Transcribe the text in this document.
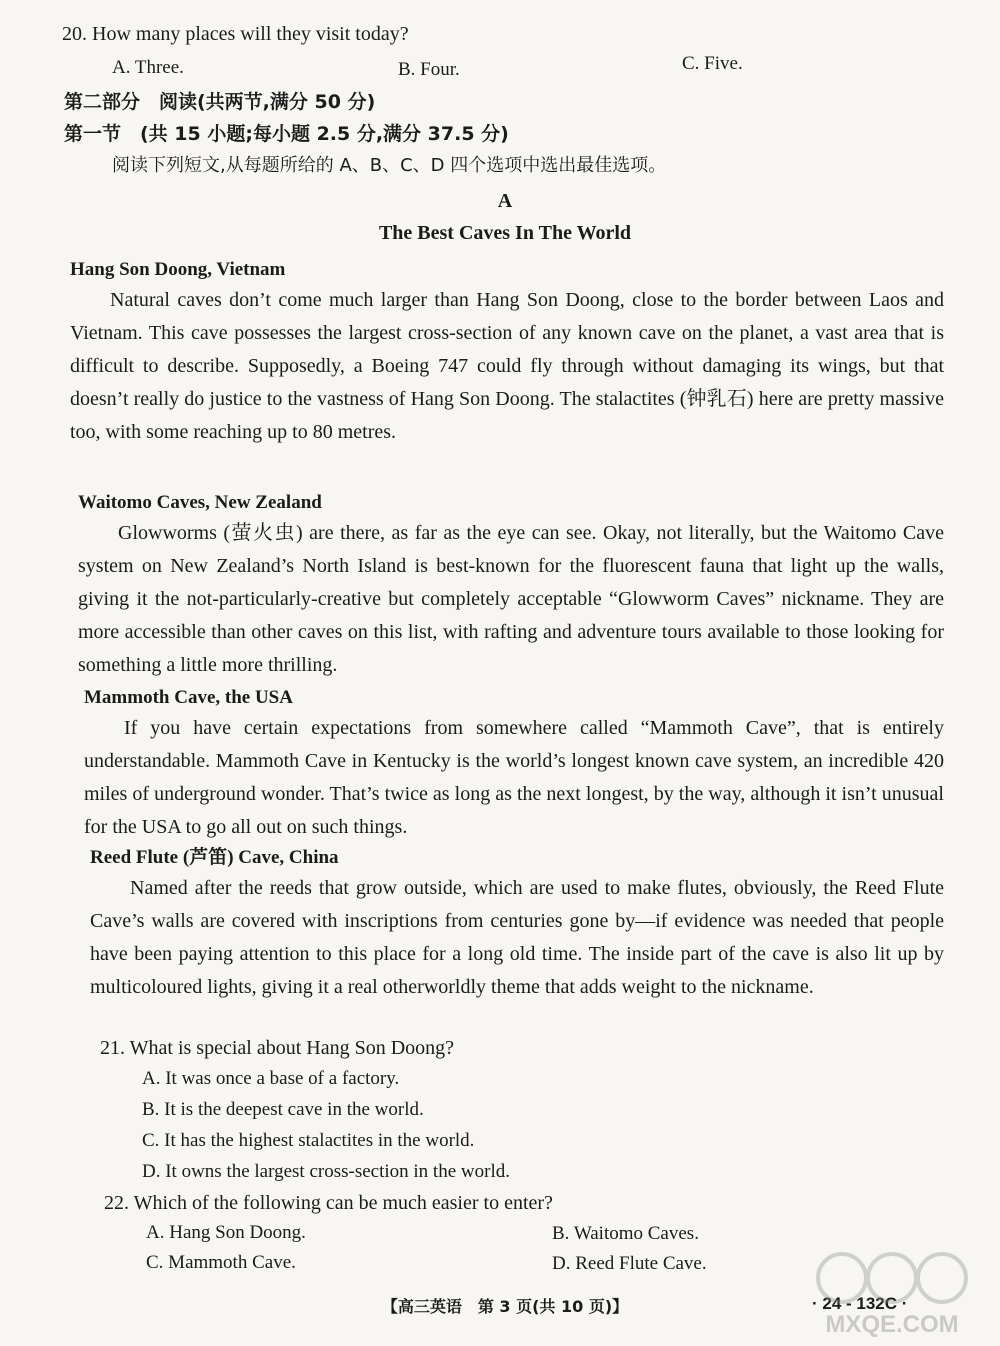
20. How many places will they visit today?
A. Three.	B. Four.	C. Five.
第二部分　阅读(共两节,满分 50 分)
第一节　(共 15 小题;每小题 2.5 分,满分 37.5 分)
阅读下列短文,从每题所给的 A、B、C、D 四个选项中选出最佳选项。
A
The Best Caves In The World
Hang Son Doong, Vietnam

Natural caves don’t come much larger than Hang Son Doong, close to the border between Laos and Vietnam. This cave possesses the largest cross-section of any known cave on the planet, a vast area that is difficult to describe. Supposedly, a Boeing 747 could fly through without damaging its wings, but that doesn’t really do justice to the vastness of Hang Son Doong. The stalactites (钟乳石) here are pretty massive too, with some reaching up to 80 metres.

Waitomo Caves, New Zealand

Glowworms (萤火虫) are there, as far as the eye can see. Okay, not literally, but the Waitomo Cave system on New Zealand’s North Island is best-known for the fluorescent fauna that light up the walls, giving it the not-particularly-creative but completely acceptable “Glowworm Caves” nickname. They are more accessible than other caves on this list, with rafting and adventure tours available to those looking for something a little more thrilling.

Mammoth Cave, the USA

If you have certain expectations from somewhere called “Mammoth Cave”, that is entirely understandable. Mammoth Cave in Kentucky is the world’s longest known cave system, an incredible 420 miles of underground wonder. That’s twice as long as the next longest, by the way, although it isn’t unusual for the USA to go all out on such things.

Reed Flute (芦笛) Cave, China

Named after the reeds that grow outside, which are used to make flutes, obviously, the Reed Flute Cave’s walls are covered with inscriptions from centuries gone by—if evidence was needed that people have been paying attention to this place for a long old time. The inside part of the cave is also lit up by multicoloured lights, giving it a real otherworldly theme that adds weight to the nickname.

21. What is special about Hang Son Doong?
A. It was once a base of a factory.
B. It is the deepest cave in the world.
C. It has the highest stalactites in the world.
D. It owns the largest cross-section in the world.
22. Which of the following can be much easier to enter?
A. Hang Son Doong.	B. Waitomo Caves.
C. Mammoth Cave.	D. Reed Flute Cave.
【高三英语　第 3 页(共 10 页)】	· 24 - 132C ·
MXQE.COM
